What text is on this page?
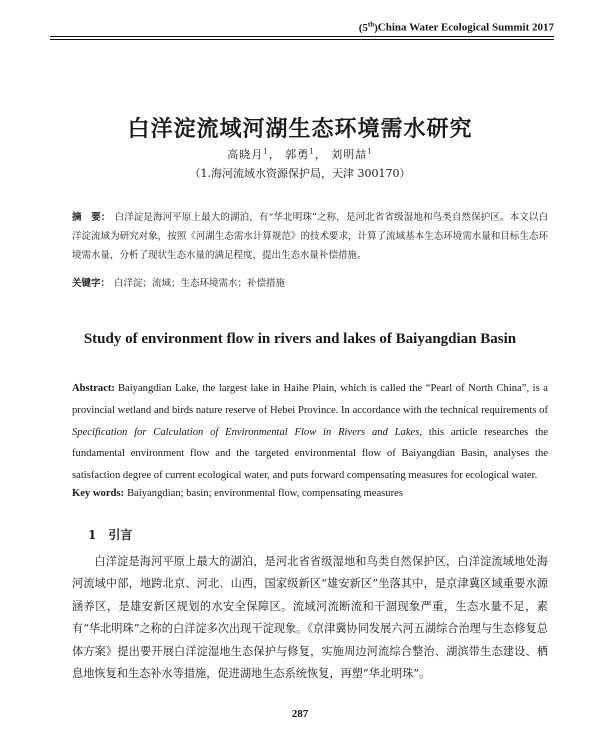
(5th)China Water Ecological Summit 2017
白洋淀流域河湖生态环境需水研究
高晓月$^1$， 郭勇$^1$， 刘明喆$^1$
（1.海河流域水资源保护局，天津 300170）
摘　要： 白洋淀是海河平原上最大的湖泊，有“华北明珠”之称，是河北省省级湿地和鸟类自然保护区。本文以白洋淀流域为研究对象，按照《河湖生态需水计算规范》的技术要求，计算了流域基本生态环境需水量和目标生态环境需水量，分析了现状生态水量的满足程度，提出生态水量补偿措施。
关键字： 白洋淀；流域；生态环境需水；补偿措施
Study of environment flow in rivers and lakes of Baiyangdian Basin
Abstract: Baiyangdian Lake, the largest lake in Haihe Plain, which is called the “Pearl of North China”, is a provincial wetland and birds nature reserve of Hebei Province. In accordance with the technical requirements of Specification for Calculation of Environmental Flow in Rivers and Lakes, this article researches the fundamental environment flow and the targeted environmental flow of Baiyangdian Basin, analyses the satisfaction degree of current ecological water, and puts forward compensating measures for ecological water.
Key words: Baiyangdian; basin; environmental flow, compensating measures
1 引言
白洋淀是海河平原上最大的湖泊，是河北省省级湿地和鸟类自然保护区，白洋淀流域地处海河流域中部，地跨北京、河北、山西，国家级新区“雄安新区”坐落其中，是京津冀区域重要水源涵养区，是雄安新区规划的水安全保障区。流域河流断流和干涸现象严重，生态水量不足，素有“华北明珠”之称的白洋淀多次出现干淀现象。《京津冀协同发展六河五湖综合治理与生态修复总体方案》提出要开展白洋淀湿地生态保护与修复，实施周边河流综合整治、湖滨带生态建设、栖息地恢复和生态补水等措施，促进湖地生态系统恢复，再塑“华北明珠”。
287
